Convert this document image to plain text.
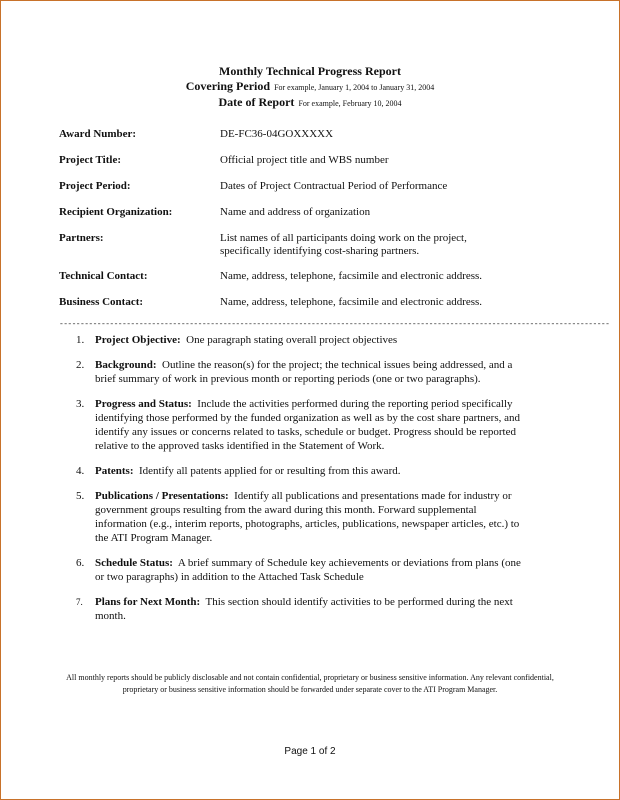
Monthly Technical Progress Report
Covering Period For example, January 1, 2004 to January 31, 2004
Date of Report For example, February 10, 2004
Award Number:	DE-FC36-04GOXXXXX
Project Title:	Official project title and WBS number
Project Period:	Dates of Project Contractual Period of Performance
Recipient Organization:	Name and address of organization
Partners:	List names of all participants doing work on the project, specifically identifying cost-sharing partners.
Technical Contact:	Name, address, telephone, facsimile and electronic address.
Business Contact:	Name, address, telephone, facsimile and electronic address.
-----------------------------------------------------------------------------------------------------------------------------------
1. Project Objective: One paragraph stating overall project objectives
2. Background: Outline the reason(s) for the project; the technical issues being addressed, and a brief summary of work in previous month or reporting periods (one or two paragraphs).
3. Progress and Status: Include the activities performed during the reporting period specifically identifying those performed by the funded organization as well as by the cost share partners, and identify any issues or concerns related to tasks, schedule or budget. Progress should be reported relative to the approved tasks identified in the Statement of Work.
4. Patents: Identify all patents applied for or resulting from this award.
5. Publications / Presentations: Identify all publications and presentations made for industry or government groups resulting from the award during this month. Forward supplemental information (e.g., interim reports, photographs, articles, publications, newspaper articles, etc.) to the ATI Program Manager.
6. Schedule Status: A brief summary of Schedule key achievements or deviations from plans (one or two paragraphs) in addition to the Attached Task Schedule
7.	Plans for Next Month: This section should identify activities to be performed during the next month.
All monthly reports should be publicly disclosable and not contain confidential, proprietary or business sensitive information. Any relevant confidential, proprietary or business sensitive information should be forwarded under separate cover to the ATI Program Manager.
Page 1 of 2
